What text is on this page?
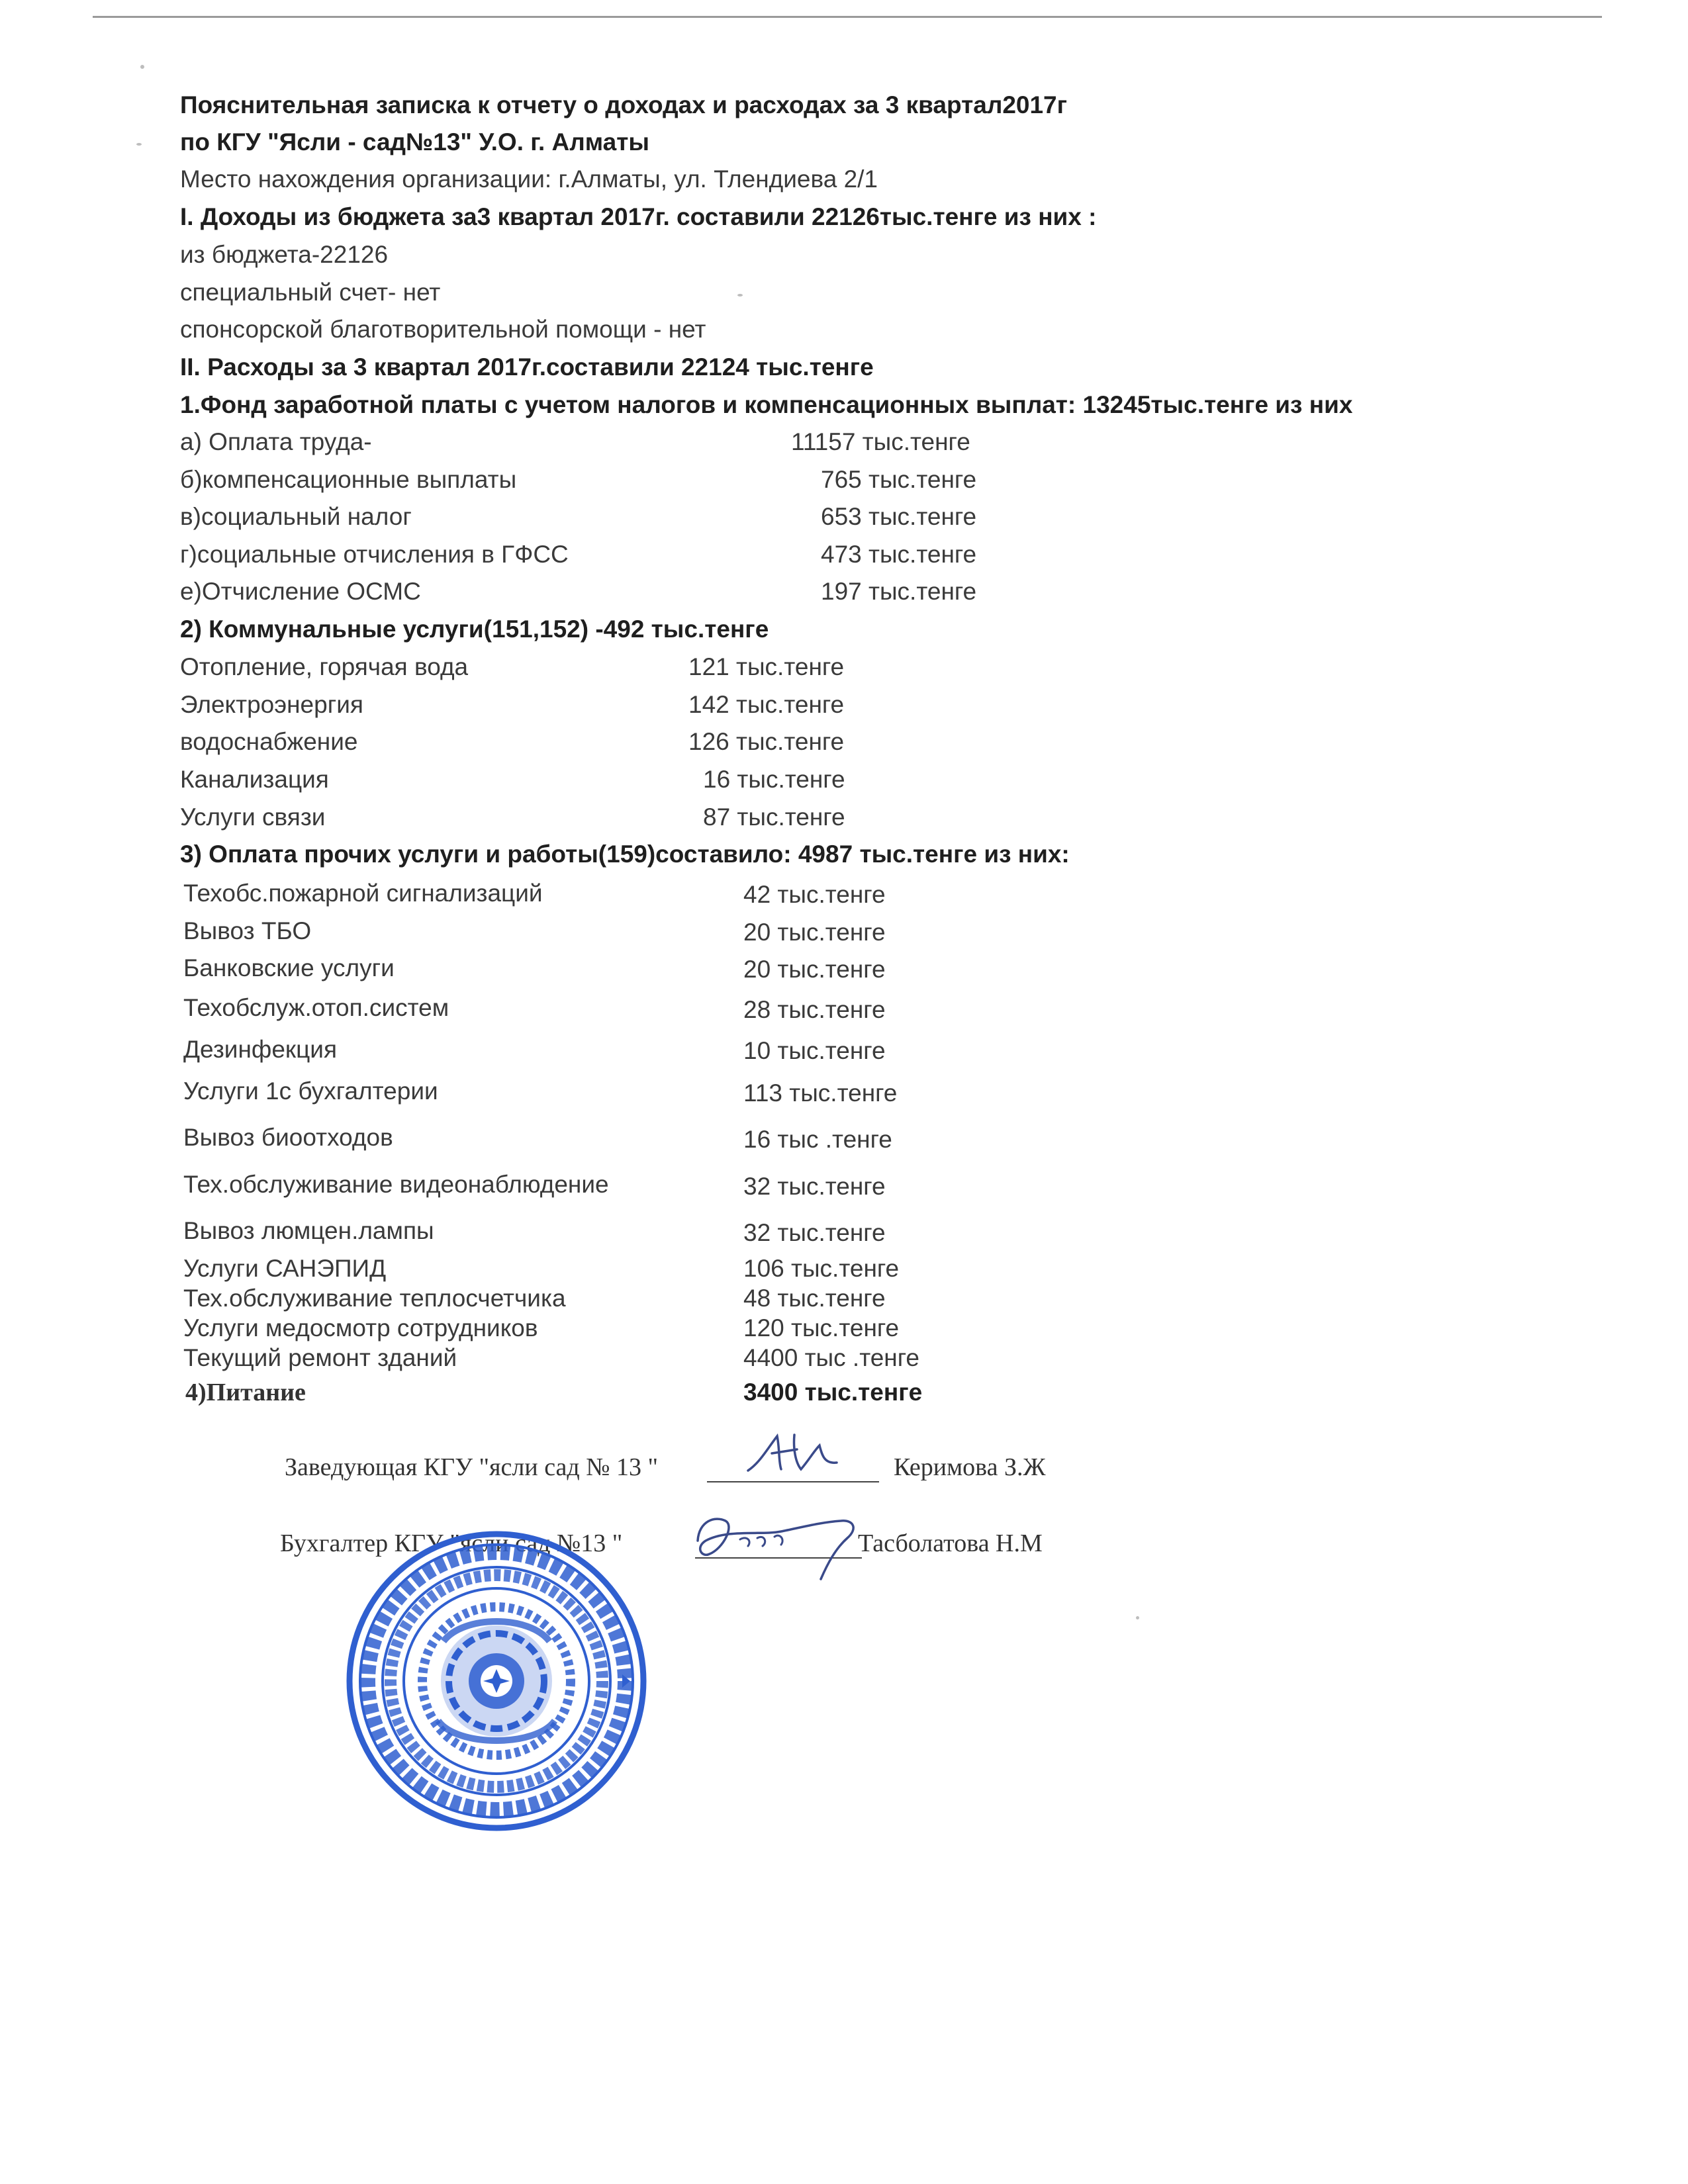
Пояснительная записка к отчету о доходах и расходах за 3 квартал2017г
по КГУ "Ясли - сад№13" У.О. г. Алматы
Место нахождения организации: г.Алматы, ул. Тлендиева 2/1
I. Доходы из бюджета за3 квартал 2017г. составили 22126тыс.тенге из них :
из бюджета-22126
специальный счет- нет
спонсорской благотворительной помощи - нет
II. Расходы за 3 квартал 2017г.составили 22124 тыс.тенге
1.Фонд заработной платы с учетом налогов и компенсационных выплат: 13245тыс.тенге из них
а) Оплата труда-	11157 тыс.тенге
б)компенсационные выплаты	765 тыс.тенге
в)социальный налог	653 тыс.тенге
г)социальные отчисления в ГФСС	473 тыс.тенге
е)Отчисление ОСМС	197 тыс.тенге
2) Коммунальные услуги(151,152) -492 тыс.тенге
Отопление, горячая вода	121 тыс.тенге
Электроэнергия	142 тыс.тенге
водоснабжение	126 тыс.тенге
Канализация	16 тыс.тенге
Услуги связи	87 тыс.тенге
3) Оплата прочих услуги и работы(159)составило: 4987 тыс.тенге из них:
Техобс.пожарной сигнализаций	42 тыс.тенге
Вывоз ТБО	20 тыс.тенге
Банковские услуги	20 тыс.тенге
Техобслуж.отоп.систем	28 тыс.тенге
Дезинфекция	10 тыс.тенге
Услуги 1с бухгалтерии	113 тыс.тенге
Вывоз биоотходов	16 тыс .тенге
Тех.обслуживание видеонаблюдение	32 тыс.тенге
Вывоз люмцен.лампы	32 тыс.тенге
Услуги САНЭПИД	106 тыс.тенге
Тех.обслуживание теплосчетчика	48 тыс.тенге
Услуги медосмотр сотрудников	120 тыс.тенге
Текущий ремонт зданий	4400 тыс .тенге
4)Питание	3400 тыс.тенге
Заведующая КГУ "ясли сад № 13 "	Керимова З.Ж
Бухгалтер КГУ "ясли сад №13 "	Тасболатова Н.М
